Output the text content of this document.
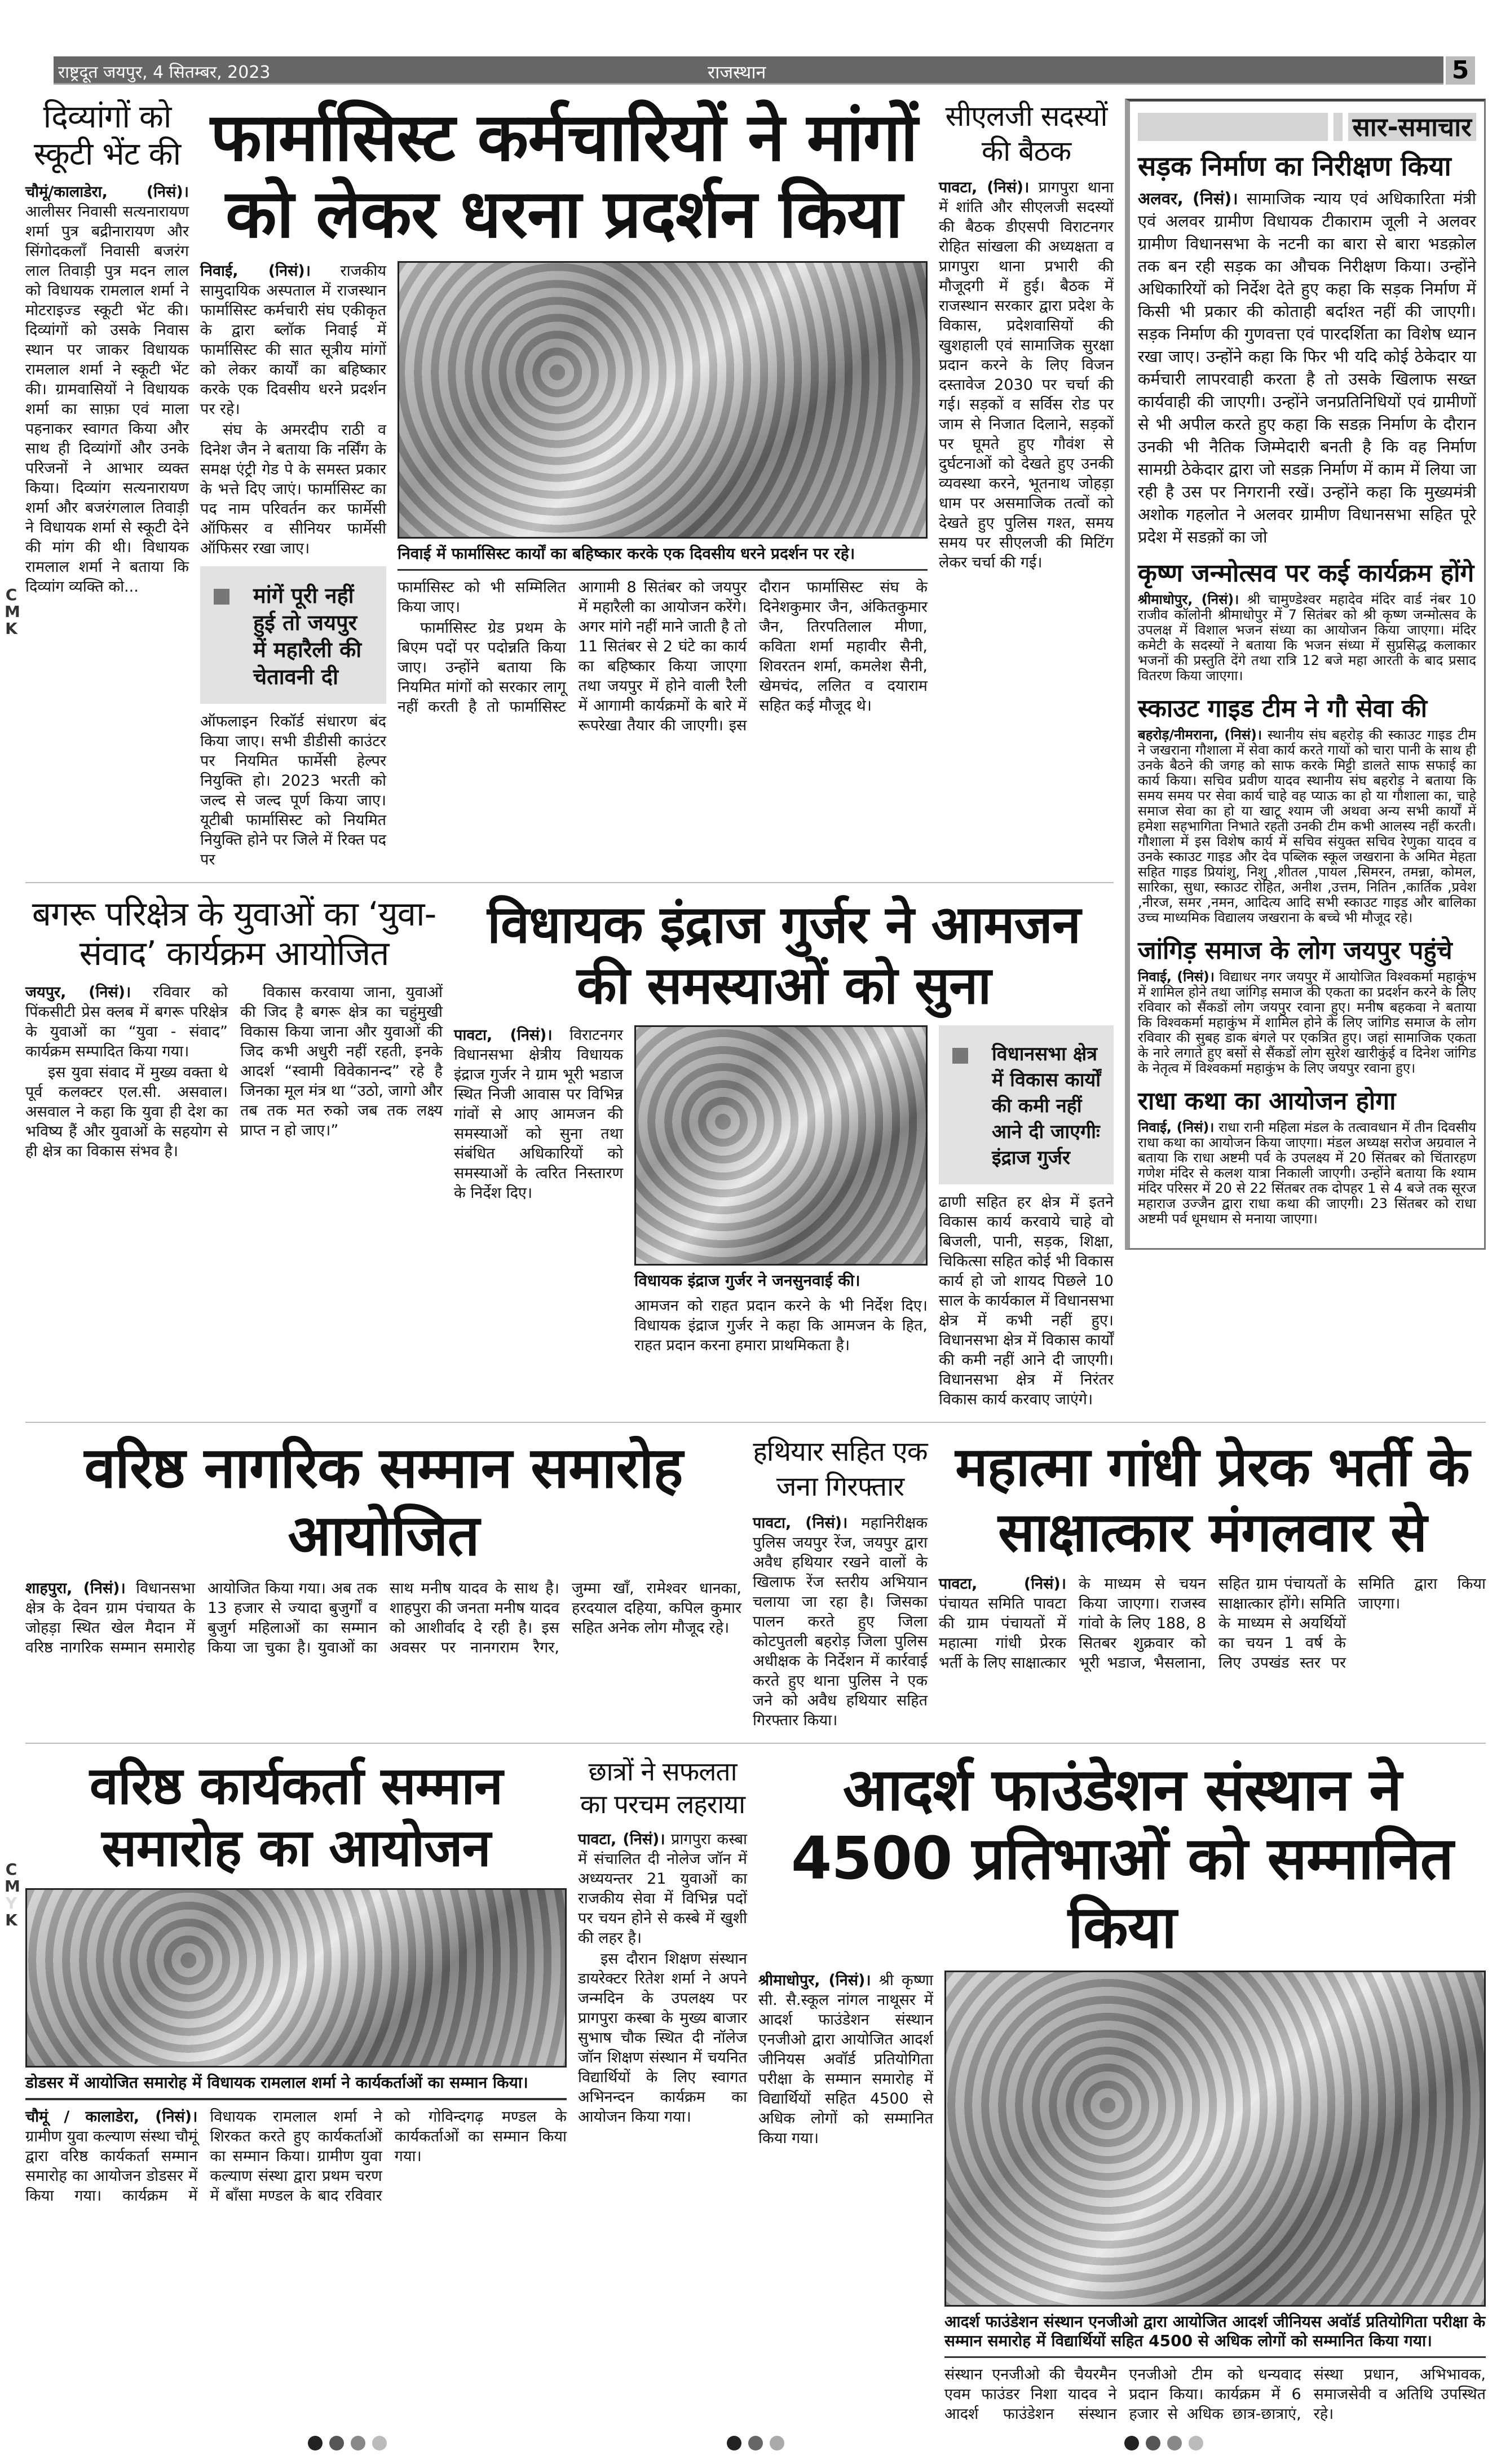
राष्ट्रदूत जयपुर, 4 सितम्बर, 2023	राजस्थान	5
C
M
K
C
M
Y
K
दिव्यांगों को स्कूटी भेंट की

चौमूं/कालाडेरा, (निसं)। आलीसर निवासी सत्यनारायण शर्मा पुत्र बद्रीनारायण और सिंगोदकलाँ निवासी बजरंग लाल तिवाड़ी पुत्र मदन लाल को विधायक रामलाल शर्मा ने मोटराइज्ड स्कूटी भेंट की। दिव्यांगों को उसके निवास स्थान पर जाकर विधायक रामलाल शर्मा ने स्कूटी भेंट की। ग्रामवासियों ने विधायक शर्मा का साफ़ा एवं माला पहनाकर स्वागत किया और साथ ही दिव्यांगों और उनके परिजनों ने आभार व्यक्त किया। दिव्यांग सत्यनारायण शर्मा और बजरंगलाल तिवाड़ी ने विधायक शर्मा से स्कूटी देने की मांग की थी। विधायक रामलाल शर्मा ने बताया कि दिव्यांग व्यक्ति को...

फार्मासिस्ट कर्मचारियों ने मांगों को लेकर धरना प्रदर्शन किया

निवाई, (निसं)। राजकीय सामुदायिक अस्पताल में राजस्थान फार्मासिस्ट कर्मचारी संघ एकीकृत के द्वारा ब्लॉक निवाई में फार्मासिस्ट की सात सूत्रीय मांगों को लेकर कार्यों का बहिष्कार करके एक दिवसीय धरने प्रदर्शन पर रहे।

संघ के अमरदीप राठी व दिनेश जैन ने बताया कि नर्सिंग के समक्ष एंट्री गेड पे के समस्त प्रकार के भत्ते दिए जाएं। फार्मासिस्ट का पद नाम परिवर्तन कर फार्मेसी ऑफिसर व सीनियर फार्मेसी ऑफिसर रखा जाए।

मांगें पूरी नहीं हुई तो जयपुर में महारैली की चेतावनी दी

ऑफलाइन रिकॉर्ड संधारण बंद किया जाए। सभी डीडीसी काउंटर पर नियमित फार्मेसी हेल्पर नियुक्ति हो। 2023 भरती को जल्द से जल्द पूर्ण किया जाए। यूटीबी फार्मासिस्ट को नियमित नियुक्ति होने पर जिले में रिक्त पद पर

निवाई में फार्मासिस्ट कार्यों का बहिष्कार करके एक दिवसीय धरने प्रदर्शन पर रहे।

फार्मासिस्ट को भी सम्मिलित किया जाए।

फार्मासिस्ट ग्रेड प्रथम के बिएम पदों पर पदोन्नति किया जाए। उन्होंने बताया कि नियमित मांगों को सरकार लागू नहीं करती है तो फार्मासिस्ट आगामी 8 सितंबर को जयपुर में महारैली का आयोजन करेंगे। अगर मांगे नहीं माने जाती है तो 11 सितंबर से 2 घंटे का कार्य का बहिष्कार किया जाएगा तथा जयपुर में होने वाली रैली में आगामी कार्यक्रमों के बारे में रूपरेखा तैयार की जाएगी। इस दौरान फार्मासिस्ट संघ के दिनेशकुमार जैन, अंकितकुमार जैन, तिरपतिलाल मीणा, कविता शर्मा महावीर सैनी, शिवरतन शर्मा, कमलेश सैनी, खेमचंद, ललित व दयाराम सहित कई मौजूद थे।

सीएलजी सदस्यों की बैठक

पावटा, (निसं)। प्रागपुरा थाना में शांति और सीएलजी सदस्यों की बैठक डीएसपी विराटनगर रोहित सांखला की अध्यक्षता व प्रागपुरा थाना प्रभारी की मौजूदगी में हुई। बैठक में राजस्थान सरकार द्वारा प्रदेश के विकास, प्रदेशवासियों की खुशहाली एवं सामाजिक सुरक्षा प्रदान करने के लिए विजन दस्तावेज 2030 पर चर्चा की गई। सड़कों व सर्विस रोड पर जाम से निजात दिलाने, सड़कों पर घूमते हुए गौवंश से दुर्घटनाओं को देखते हुए उनकी व्यवस्था करने, भूतनाथ जोहड़ा धाम पर असमाजिक तत्वों को देखते हुए पुलिस गश्त, समय समय पर सीएलजी की मिटिंग लेकर चर्चा की गई।

बगरू परिक्षेत्र के युवाओं का ‘युवा-संवाद’ कार्यक्रम आयोजित

जयपुर, (निसं)। रविवार को पिंकसीटी प्रेस क्लब में बगरू परिक्षेत्र के युवाओं का “युवा - संवाद” कार्यक्रम सम्पादित किया गया।

इस युवा संवाद में मुख्य वक्ता थे पूर्व कलक्टर एल.सी. असवाल। असवाल ने कहा कि युवा ही देश का भविष्य हैं और युवाओं के सहयोग से ही क्षेत्र का विकास संभव है।

विकास करवाया जाना, युवाओं की जिद है बगरू क्षेत्र का चहुंमुखी विकास किया जाना और युवाओं की जिद कभी अधुरी नहीं रहती, इनके आदर्श “स्वामी विवेकानन्द” रहे है जिनका मूल मंत्र था “उठो, जागो और तब तक मत रुको जब तक लक्ष्य प्राप्त न हो जाए।”

विधायक इंद्राज गुर्जर ने आमजन की समस्याओं को सुना

पावटा, (निसं)। विराटनगर विधानसभा क्षेत्रीय विधायक इंद्राज गुर्जर ने ग्राम भूरी भडाज स्थित निजी आवास पर विभिन्न गांवों से आए आमजन की समस्याओं को सुना तथा संबंधित अधिकारियों को समस्याओं के त्वरित निस्तारण के निर्देश दिए।

विधायक इंद्राज गुर्जर ने जनसुनवाई की।

आमजन को राहत प्रदान करने के भी निर्देश दिए। विधायक इंद्राज गुर्जर ने कहा कि आमजन के हित, राहत प्रदान करना हमारा प्राथमिकता है।

विधानसभा क्षेत्र में विकास कार्यों की कमी नहीं आने दी जाएगीः इंद्राज गुर्जर

ढाणी सहित हर क्षेत्र में इतने विकास कार्य करवाये चाहे वो बिजली, पानी, सड़क, शिक्षा, चिकित्सा सहित कोई भी विकास कार्य हो जो शायद पिछले 10 साल के कार्यकाल में विधानसभा क्षेत्र में कभी नहीं हुए। विधानसभा क्षेत्र में विकास कार्यों की कमी नहीं आने दी जाएगी। विधानसभा क्षेत्र में निरंतर विकास कार्य करवाए जाएंगे।

सार-समाचार
सड़क निर्माण का निरीक्षण किया

अलवर, (निसं)। सामाजिक न्याय एवं अधिकारिता मंत्री एवं अलवर ग्रामीण विधायक टीकाराम जूली ने अलवर ग्रामीण विधानसभा के नटनी का बारा से बारा भडक़ोल तक बन रही सड़क का औचक निरीक्षण किया। उन्होंने अधिकारियों को निर्देश देते हुए कहा कि सड़क निर्माण में किसी भी प्रकार की कोताही बर्दाश्त नहीं की जाएगी। सड़क निर्माण की गुणवत्ता एवं पारदर्शिता का विशेष ध्यान रखा जाए। उन्होंने कहा कि फिर भी यदि कोई ठेकेदार या कर्मचारी लापरवाही करता है तो उसके खिलाफ सख्त कार्यवाही की जाएगी। उन्होंने जनप्रतिनिधियों एवं ग्रामीणों से भी अपील करते हुए कहा कि सडक़ निर्माण के दौरान उनकी भी नैतिक जिम्मेदारी बनती है कि वह निर्माण सामग्री ठेकेदार द्वारा जो सडक़ निर्माण में काम में लिया जा रही है उस पर निगरानी रखें। उन्होंने कहा कि मुख्यमंत्री अशोक गहलोत ने अलवर ग्रामीण विधानसभा सहित पूरे प्रदेश में सडक़ों का जो

कृष्ण जन्मोत्सव पर कई कार्यक्रम होंगे

श्रीमाधोपुर, (निसं)। श्री चामुण्डेश्वर महादेव मंदिर वार्ड नंबर 10 राजीव कॉलोनी श्रीमाधोपुर में 7 सितंबर को श्री कृष्ण जन्मोत्सव के उपलक्ष में विशाल भजन संध्या का आयोजन किया जाएगा। मंदिर कमेटी के सदस्यों ने बताया कि भजन संध्या में सुप्रसिद्ध कलाकार भजनों की प्रस्तुति देंगे तथा रात्रि 12 बजे महा आरती के बाद प्रसाद वितरण किया जाएगा।

स्काउट गाइड टीम ने गौ सेवा की

बहरोड़/नीमराना, (निसं)। स्थानीय संघ बहरोड़ की स्काउट गाइड टीम ने जखराना गौशाला में सेवा कार्य करते गायों को चारा पानी के साथ ही उनके बैठने की जगह को साफ करके मिट्टी डालते साफ सफाई का कार्य किया। सचिव प्रवीण यादव स्थानीय संघ बहरोड़ ने बताया कि समय समय पर सेवा कार्य चाहे वह प्याऊ का हो या गौशाला का, चाहे समाज सेवा का हो या खाटू श्याम जी अथवा अन्य सभी कार्यों में हमेशा सहभागिता निभाते रहती उनकी टीम कभी आलस्य नहीं करती। गौशाला में इस विशेष कार्य में सचिव संयुक्त सचिव रेणुका यादव व उनके स्काउट गाइड और देव पब्लिक स्कूल जखराना के अमित मेहता सहित गाइड प्रियांशु, निशु ,शीतल ,पायल ,सिमरन, तमन्ना, कोमल, सारिका, सुधा, स्काउट रोहित, अनीश ,उत्तम, नितिन ,कार्तिक ,प्रवेश ,नीरज, समर ,नमन, आदित्य आदि सभी स्काउट गाइड और बालिका उच्च माध्यमिक विद्यालय जखराना के बच्चे भी मौजूद रहे।

जांगिड़ समाज के लोग जयपुर पहुंचे

निवाई, (निसं)। विद्याधर नगर जयपुर में आयोजित विश्वकर्मा महाकुंभ में शामिल होने तथा जांगिड़ समाज की एकता का प्रदर्शन करने के लिए रविवार को सैंकडों लोग जयपुर रवाना हुए। मनीष बहकवा ने बताया कि विश्वकर्मा महाकुंभ में शामिल होने के लिए जांगिड समाज के लोग रविवार की सुबह डाक बंगले पर एकत्रित हुए। जहां सामाजिक एकता के नारे लगाते हुए बसों से सैंकडों लोग सुरेश खारीकुंई व दिनेश जांगिड के नेतृत्व में विश्वकर्मा महाकुंभ के लिए जयपुर रवाना हुए।

राधा कथा का आयोजन होगा

निवाई, (निसं)। राधा रानी महिला मंडल के तत्वावधान में तीन दिवसीय राधा कथा का आयोजन किया जाएगा। मंडल अध्यक्ष सरोज अग्रवाल ने बताया कि राधा अष्टमी पर्व के उपलक्ष्य में 20 सिंतबर को चिंतारहण गणेश मंदिर से कलश यात्रा निकाली जाएगी। उन्होंने बताया कि श्याम मंदिर परिसर में 20 से 22 सिंतबर तक दोपहर 1 से 4 बजे तक सूरज महाराज उज्जैन द्वारा राधा कथा की जाएगी। 23 सिंतबर को राधा अष्टमी पर्व धूमधाम से मनाया जाएगा।

वरिष्ठ नागरिक सम्मान समारोह आयोजित

शाहपुरा, (निसं)। विधानसभा क्षेत्र के देवन ग्राम पंचायत के जोहड़ा स्थित खेल मैदान में वरिष्ठ नागरिक सम्मान समारोह आयोजित किया गया। अब तक 13 हजार से ज्यादा बुजुर्गों व बुजुर्ग महिलाओं का सम्मान किया जा चुका है। युवाओं का साथ मनीष यादव के साथ है। शाहपुरा की जनता मनीष यादव को आशीर्वाद दे रही है। इस अवसर पर नानगराम रैगर, जुम्मा खाँ, रामेश्वर धानका, हरदयाल दहिया, कपिल कुमार सहित अनेक लोग मौजूद रहे।

हथियार सहित एक जना गिरफ्तार

पावटा, (निसं)। महानिरीक्षक पुलिस जयपुर रेंज, जयपुर द्वारा अवैध हथियार रखने वालों के खिलाफ रेंज स्तरीय अभियान चलाया जा रहा है। जिसका पालन करते हुए जिला कोटपुतली बहरोड़ जिला पुलिस अधीक्षक के निर्देशन में कार्रवाई करते हुए थाना पुलिस ने एक जने को अवैध हथियार सहित गिरफ्तार किया।

महात्मा गांधी प्रेरक भर्ती के साक्षात्कार मंगलवार से

पावटा, (निसं)। पंचायत समिति पावटा की ग्राम पंचायतों में महात्मा गांधी प्रेरक भर्ती के लिए साक्षात्कार के माध्यम से चयन किया जाएगा। राजस्व गांवो के लिए 188, 8 सितबर शुक्रवार को भूरी भडाज, भैसलाना, सहित ग्राम पंचायतों के साक्षात्कार होंगे। समिति के माध्यम से अयर्थियों का चयन 1 वर्ष के लिए उपखंड स्तर पर समिति द्वारा किया जाएगा।

वरिष्ठ कार्यकर्ता सम्मान समारोह का आयोजन
डोडसर में आयोजित समारोह में विधायक रामलाल शर्मा ने कार्यकर्ताओं का सम्मान किया।

चौमूं / कालाडेरा, (निसं)। ग्रामीण युवा कल्याण संस्था चौमूं द्वारा वरिष्ठ कार्यकर्ता सम्मान समारोह का आयोजन डोडसर में किया गया। कार्यक्रम में विधायक रामलाल शर्मा ने शिरकत करते हुए कार्यकर्ताओं का सम्मान किया। ग्रामीण युवा कल्याण संस्था द्वारा प्रथम चरण में बाँसा मण्डल के बाद रविवार को गोविन्दगढ़ मण्डल के कार्यकर्ताओं का सम्मान किया गया।

छात्रों ने सफलता का परचम लहराया

पावटा, (निसं)। प्रागपुरा कस्बा में संचालित दी नोलेज जॉन में अध्ययन्तर 21 युवाओं का राजकीय सेवा में विभिन्न पदों पर चयन होने से कस्बे में खुशी की लहर है।

इस दौरान शिक्षण संस्थान डायरेक्टर रितेश शर्मा ने अपने जन्मदिन के उपलक्ष्य पर प्रागपुरा कस्बा के मुख्य बाजार सुभाष चौक स्थित दी नॉलेज जॉन शिक्षण संस्थान में चयनित विद्यार्थियों के लिए स्वागत अभिनन्दन कार्यक्रम का आयोजन किया गया।

आदर्श फाउंडेशन संस्थान ने 4500 प्रतिभाओं को सम्मानित किया

श्रीमाधोपुर, (निसं)। श्री कृष्णा सी. सै.स्कूल नांगल नाथूसर में आदर्श फाउंडेशन संस्थान एनजीओ द्वारा आयोजित आदर्श जीनियस अवॉर्ड प्रतियोगिता परीक्षा के सम्मान समारोह में विद्यार्थियों सहित 4500 से अधिक लोगों को सम्मानित किया गया।

आदर्श फाउंडेशन संस्थान एनजीओ द्वारा आयोजित आदर्श जीनियस अवॉर्ड प्रतियोगिता परीक्षा के सम्मान समारोह में विद्यार्थियों सहित 4500 से अधिक लोगों को सम्मानित किया गया।

संस्थान एनजीओ की चैयरमैन एवम फाउंडर निशा यादव ने आदर्श फाउंडेशन संस्थान एनजीओ टीम को धन्यवाद प्रदान किया। कार्यक्रम में 6 हजार से अधिक छात्र-छात्राएं, संस्था प्रधान, अभिभावक, समाजसेवी व अतिथि उपस्थित रहे।
